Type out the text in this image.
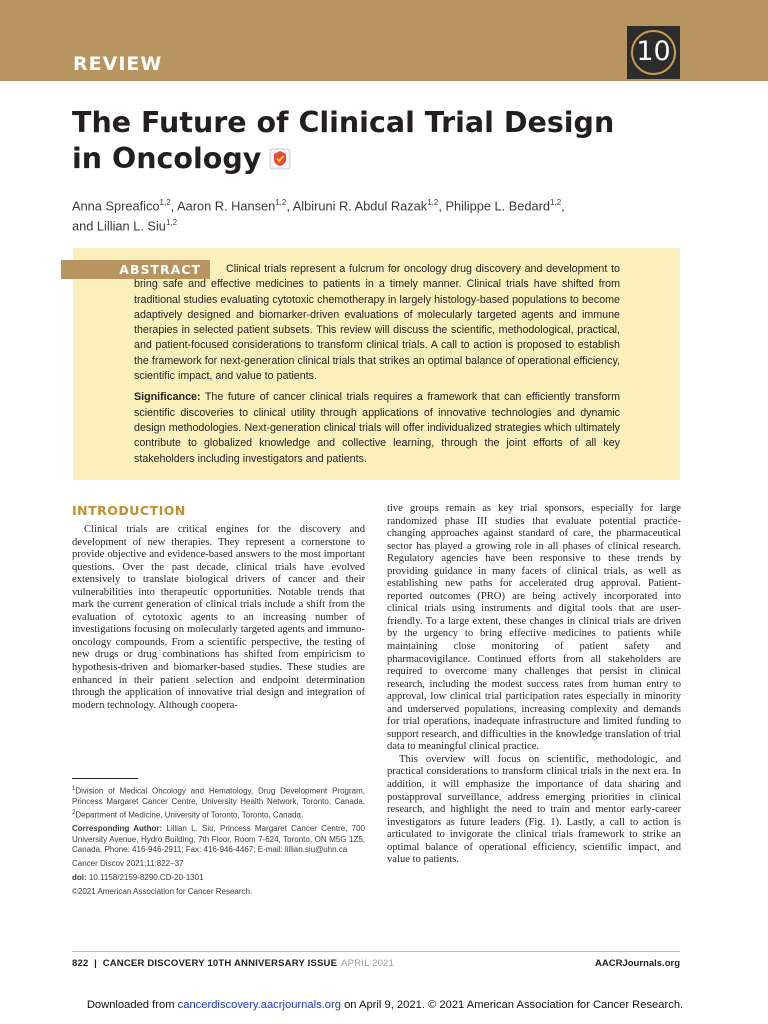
REVIEW	10
The Future of Clinical Trial Design
in Oncology
Anna Spreafico$^{1,2}$, Aaron R. Hansen$^{1,2}$, Albiruni R. Abdul Razak$^{1,2}$, Philippe L. Bedard$^{1,2}$,
and Lillian L. Siu$^{1,2}$
ABSTRACT	Clinical trials represent a fulcrum for oncology drug discovery and development to bring safe and effective medicines to patients in a timely manner. Clinical trials have shifted from traditional studies evaluating cytotoxic chemotherapy in largely histology-based populations to become adaptively designed and biomarker-driven evaluations of molecularly targeted agents and immune therapies in selected patient subsets. This review will discuss the scientific, methodological, practical, and patient-focused considerations to transform clinical trials. A call to action is proposed to establish the framework for next-generation clinical trials that strikes an optimal balance of operational efficiency, scientific impact, and value to patients.

Significance: The future of cancer clinical trials requires a framework that can efficiently transform scientific discoveries to clinical utility through applications of innovative technologies and dynamic design methodologies. Next-generation clinical trials will offer individualized strategies which ultimately contribute to globalized knowledge and collective learning, through the joint efforts of all key stakeholders including investigators and patients.

INTRODUCTION

Clinical trials are critical engines for the discovery and development of new therapies. They represent a cornerstone to provide objective and evidence-based answers to the most important questions. Over the past decade, clinical trials have evolved extensively to translate biological drivers of cancer and their vulnerabilities into therapeutic opportunities. Notable trends that mark the current generation of clinical trials include a shift from the evaluation of cytotoxic agents to an increasing number of investigations focusing on molecularly targeted agents and immuno-oncology compounds. From a scientific perspective, the testing of new drugs or drug combinations has shifted from empiricism to hypothesis-driven and biomarker-based studies. These studies are enhanced in their patient selection and endpoint determination through the application of innovative trial design and integration of modern technology. Although coopera-

tive groups remain as key trial sponsors, especially for large randomized phase III studies that evaluate potential practice-changing approaches against standard of care, the pharmaceutical sector has played a growing role in all phases of clinical research. Regulatory agencies have been responsive to these trends by providing guidance in many facets of clinical trials, as well as establishing new paths for accelerated drug approval. Patient-reported outcomes (PRO) are being actively incorporated into clinical trials using instruments and digital tools that are user-friendly. To a large extent, these changes in clinical trials are driven by the urgency to bring effective medicines to patients while maintaining close monitoring of patient safety and pharmacovigilance. Continued efforts from all stakeholders are required to overcome many challenges that persist in clinical research, including the modest success rates from human entry to approval, low clinical trial participation rates especially in minority and underserved populations, increasing complexity and demands for trial operations, inadequate infrastructure and limited funding to support research, and difficulties in the knowledge translation of trial data to meaningful clinical practice.

This overview will focus on scientific, methodologic, and practical considerations to transform clinical trials in the next era. In addition, it will emphasize the importance of data sharing and postapproval surveillance, address emerging priorities in clinical research, and highlight the need to train and mentor early-career investigators as future leaders (Fig. 1). Lastly, a call to action is articulated to invigorate the clinical trials framework to strike an optimal balance of operational efficiency, scientific impact, and value to patients.

$^1$Division of Medical Oncology and Hematology, Drug Development Program, Princess Margaret Cancer Centre, University Health Network, Toronto, Canada. $^2$Department of Medicine, University of Toronto, Toronto, Canada.

Corresponding Author: Lillian L. Siu, Princess Margaret Cancer Centre, 700 University Avenue, Hydro Building, 7th Floor, Room 7-624, Toronto, ON M5G 1Z5, Canada. Phone: 416-946-2911; Fax: 416-946-4467; E-mail: lillian.siu@uhn.ca

Cancer Discov 2021;11:822–37

doi: 10.1158/2159-8290.CD-20-1301

©2021 American Association for Cancer Research.

822 | CANCER DISCOVERY 10TH ANNIVERSARY ISSUE APRIL 2021	AACRJournals.org
Downloaded from cancerdiscovery.aacrjournals.org on April 9, 2021. © 2021 American Association for Cancer Research.
